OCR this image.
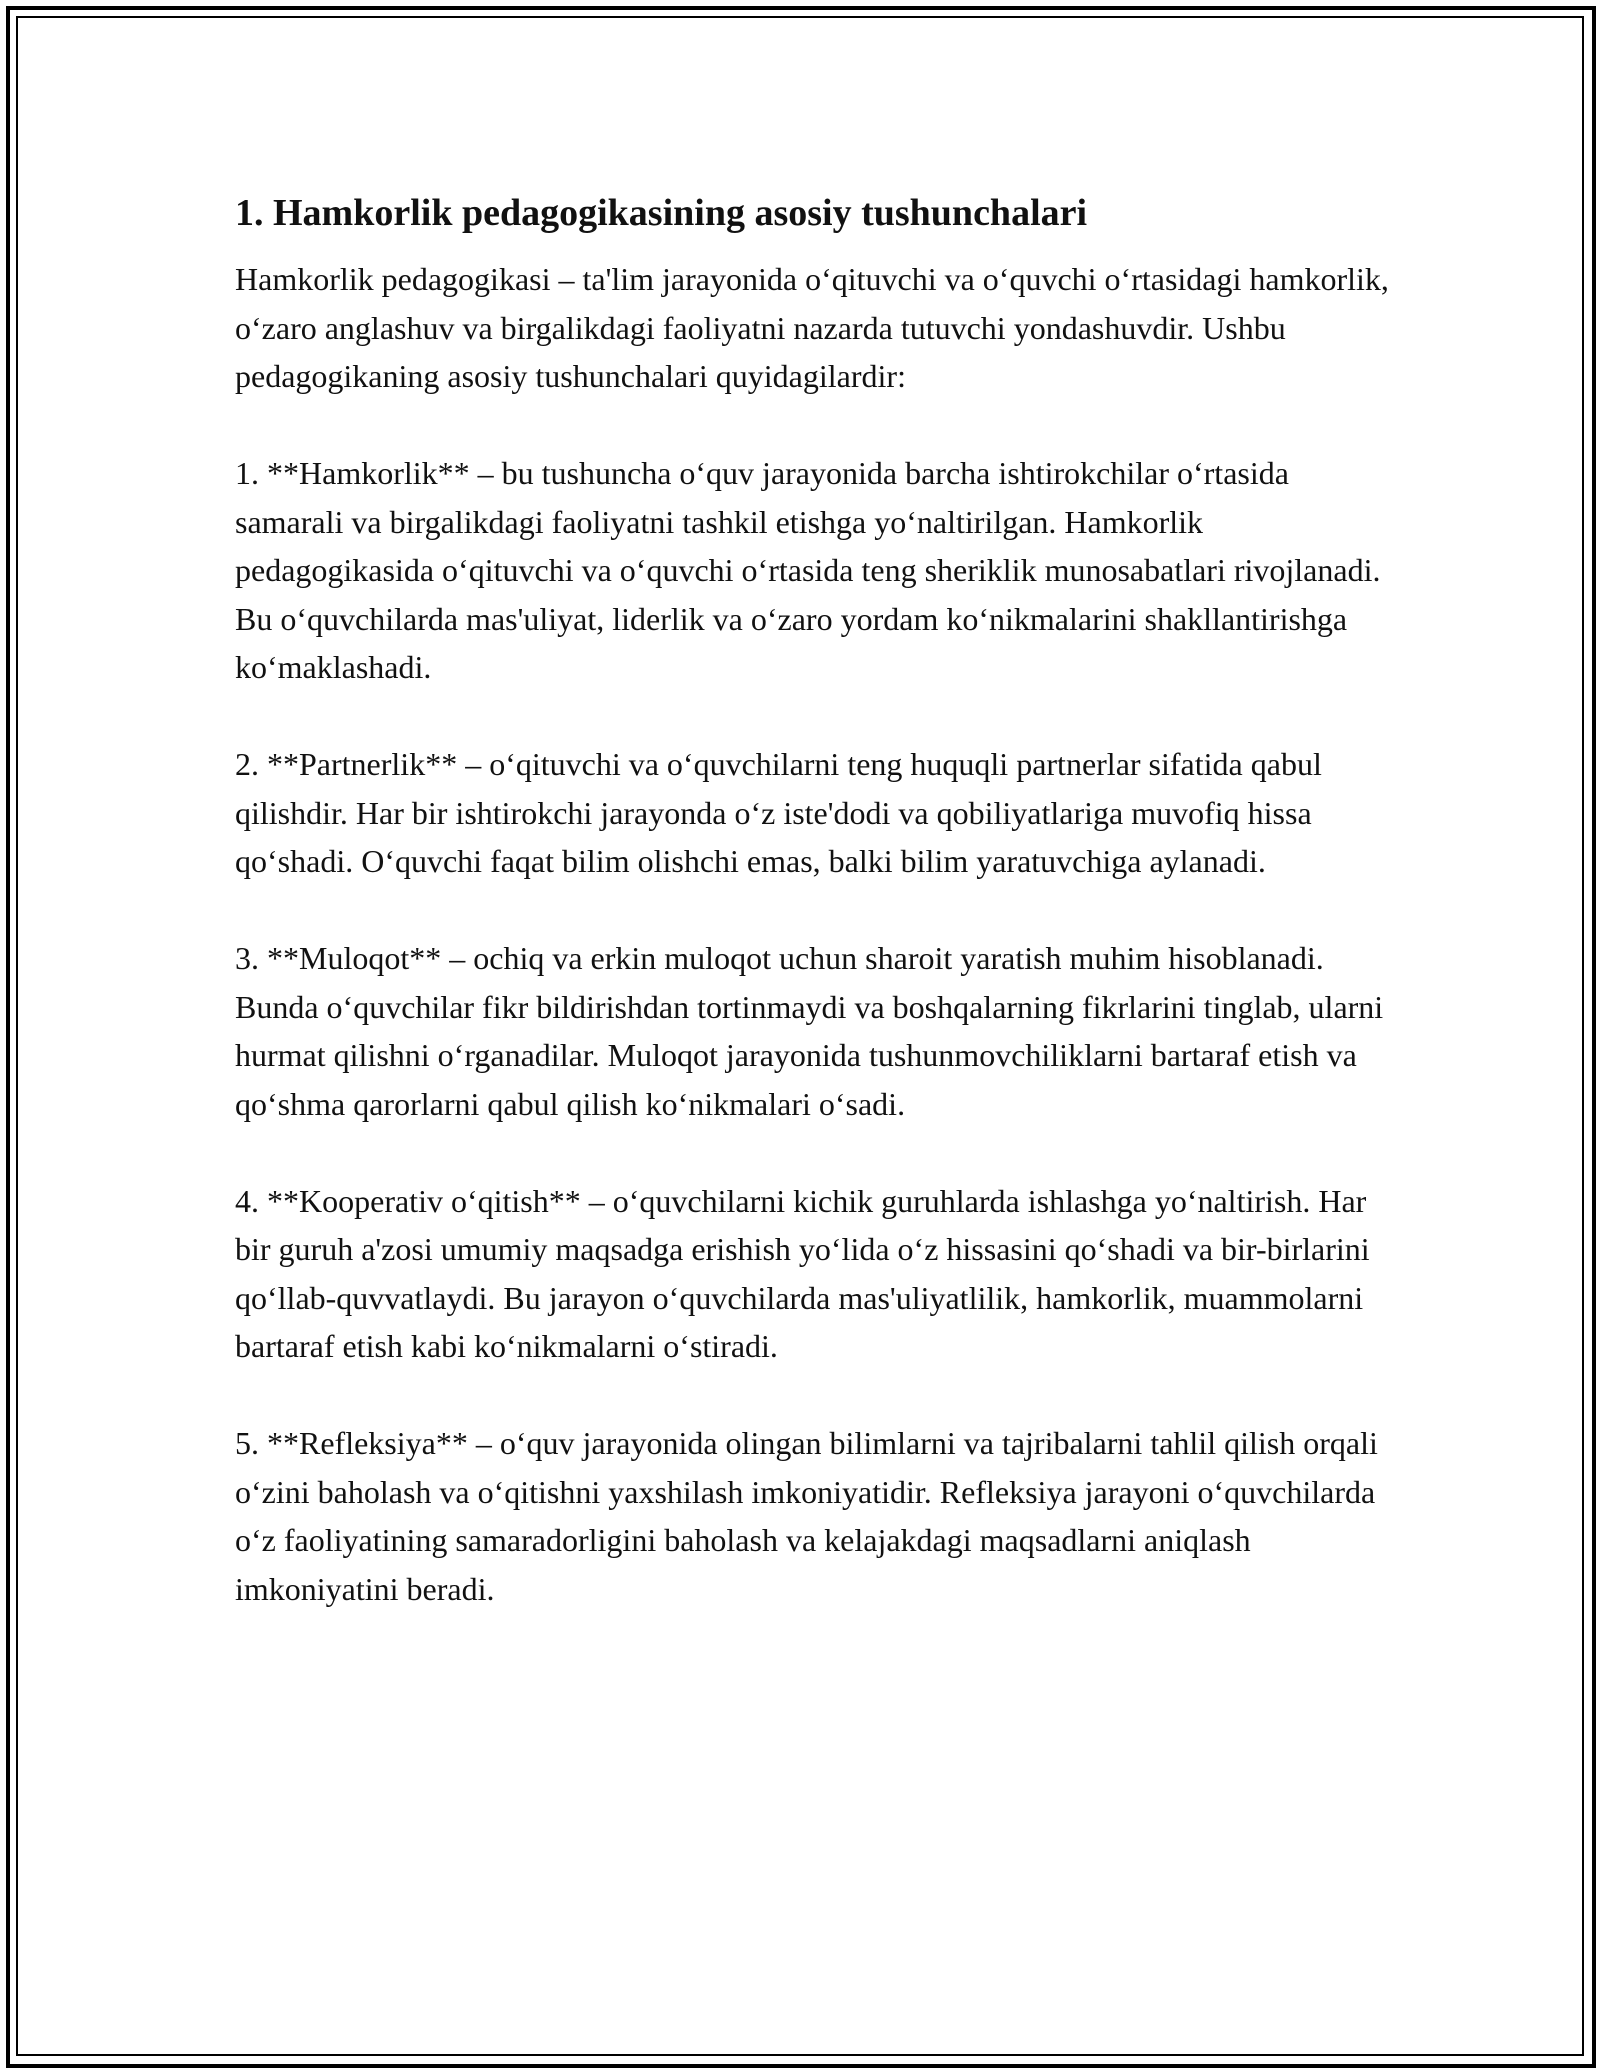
1. Hamkorlik pedagogikasining asosiy tushunchalari

Hamkorlik pedagogikasi – ta'lim jarayonida o‘qituvchi va o‘quvchi o‘rtasidagi hamkorlik, o‘zaro anglashuv va birgalikdagi faoliyatni nazarda tutuvchi yondashuvdir. Ushbu pedagogikaning asosiy tushunchalari quyidagilardir:

1. **Hamkorlik** – bu tushuncha o‘quv jarayonida barcha ishtirokchilar o‘rtasida samarali va birgalikdagi faoliyatni tashkil etishga yo‘naltirilgan. Hamkorlik pedagogikasida o‘qituvchi va o‘quvchi o‘rtasida teng sheriklik munosabatlari rivojlanadi. Bu o‘quvchilarda mas'uliyat, liderlik va o‘zaro yordam ko‘nikmalarini shakllantirishga ko‘maklashadi.

2. **Partnerlik** – o‘qituvchi va o‘quvchilarni teng huquqli partnerlar sifatida qabul qilishdir. Har bir ishtirokchi jarayonda o‘z iste'dodi va qobiliyatlariga muvofiq hissa qo‘shadi. O‘quvchi faqat bilim olishchi emas, balki bilim yaratuvchiga aylanadi.

3. **Muloqot** – ochiq va erkin muloqot uchun sharoit yaratish muhim hisoblanadi. Bunda o‘quvchilar fikr bildirishdan tortinmaydi va boshqalarning fikrlarini tinglab, ularni hurmat qilishni o‘rganadilar. Muloqot jarayonida tushunmovchiliklarni bartaraf etish va qo‘shma qarorlarni qabul qilish ko‘nikmalari o‘sadi.

4. **Kooperativ o‘qitish** – o‘quvchilarni kichik guruhlarda ishlashga yo‘naltirish. Har bir guruh a'zosi umumiy maqsadga erishish yo‘lida o‘z hissasini qo‘shadi va bir-birlarini qo‘llab-quvvatlaydi. Bu jarayon o‘quvchilarda mas'uliyatlilik, hamkorlik, muammolarni bartaraf etish kabi ko‘nikmalarni o‘stiradi.

5. **Refleksiya** – o‘quv jarayonida olingan bilimlarni va tajribalarni tahlil qilish orqali o‘zini baholash va o‘qitishni yaxshilash imkoniyatidir. Refleksiya jarayoni o‘quvchilarda o‘z faoliyatining samaradorligini baholash va kelajakdagi maqsadlarni aniqlash imkoniyatini beradi.
